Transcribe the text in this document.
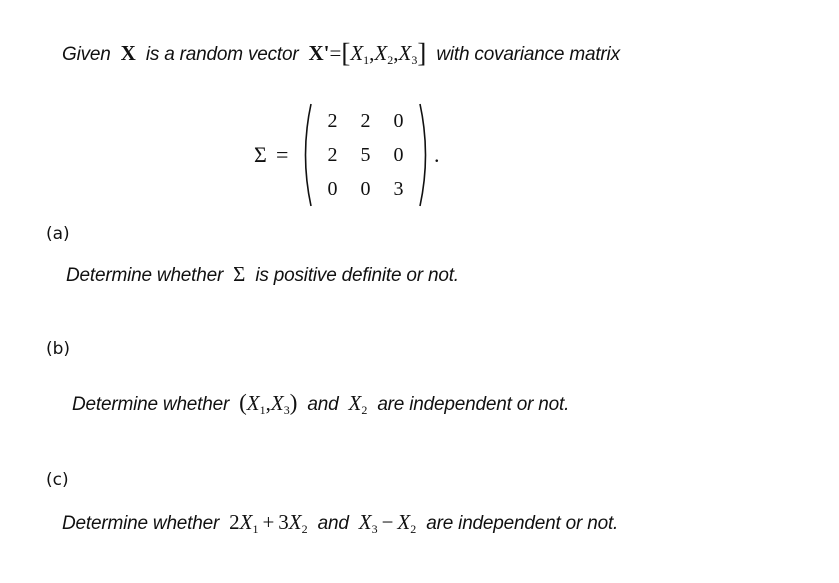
Given X is a random vector $X'=[X_1,X_2,X_3]$ with covariance matrix
Σ =
2	2	0
2	5	0
0	0	3
.
(a)
Determine whether Σ is positive definite or not.
(b)
Determine whether $(X_1,X_3)$ and $X_2$ are independent or not.
(c)
Determine whether $2X_1 + 3X_2$ and $X_3 - X_2$ are independent or not.
